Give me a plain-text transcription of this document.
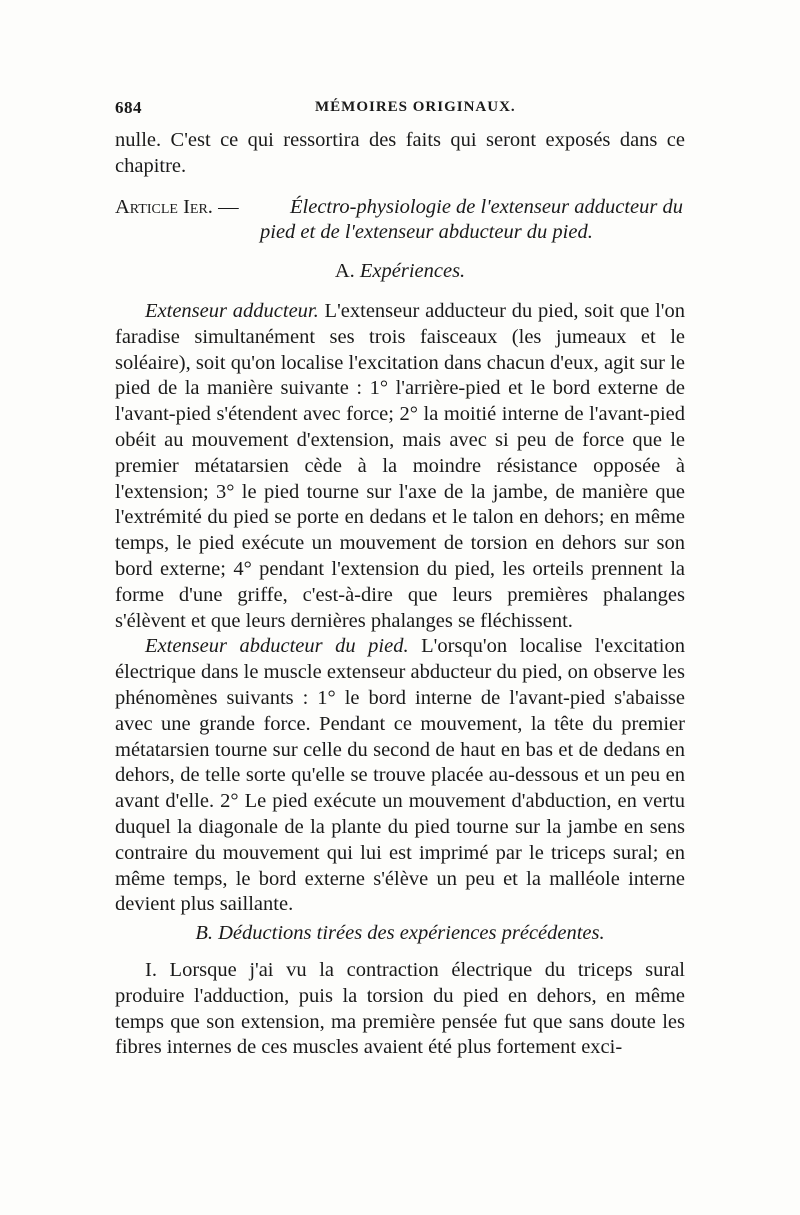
684	MÉMOIRES ORIGINAUX.

nulle. C'est ce qui ressortira des faits qui seront exposés dans ce chapitre.

Article Ier. —	Électro-physiologie de l'extenseur adducteur du
pied et de l'extenseur abducteur du pied.

A. Expériences.

Extenseur adducteur. L'extenseur adducteur du pied, soit que l'on faradise simultanément ses trois faisceaux (les jumeaux et le soléaire), soit qu'on localise l'excitation dans chacun d'eux, agit sur le pied de la manière suivante : 1° l'arrière-pied et le bord externe de l'avant-pied s'étendent avec force; 2° la moitié interne de l'avant-pied obéit au mouvement d'extension, mais avec si peu de force que le premier métatarsien cède à la moindre résistance opposée à l'extension; 3° le pied tourne sur l'axe de la jambe, de manière que l'extrémité du pied se porte en dedans et le talon en dehors; en même temps, le pied exécute un mouvement de torsion en dehors sur son bord externe; 4° pendant l'extension du pied, les orteils prennent la forme d'une griffe, c'est-à-dire que leurs premières phalanges s'élèvent et que leurs dernières phalanges se fléchissent.

Extenseur abducteur du pied. L'orsqu'on localise l'excitation électrique dans le muscle extenseur abducteur du pied, on observe les phénomènes suivants : 1° le bord interne de l'avant-pied s'abaisse avec une grande force. Pendant ce mouvement, la tête du premier métatarsien tourne sur celle du second de haut en bas et de dedans en dehors, de telle sorte qu'elle se trouve placée au-dessous et un peu en avant d'elle. 2° Le pied exécute un mouvement d'abduction, en vertu duquel la diagonale de la plante du pied tourne sur la jambe en sens contraire du mouvement qui lui est imprimé par le triceps sural; en même temps, le bord externe s'élève un peu et la malléole interne devient plus saillante.

B. Déductions tirées des expériences précédentes.

I. Lorsque j'ai vu la contraction électrique du triceps sural produire l'adduction, puis la torsion du pied en dehors, en même temps que son extension, ma première pensée fut que sans doute les fibres internes de ces muscles avaient été plus fortement exci-
